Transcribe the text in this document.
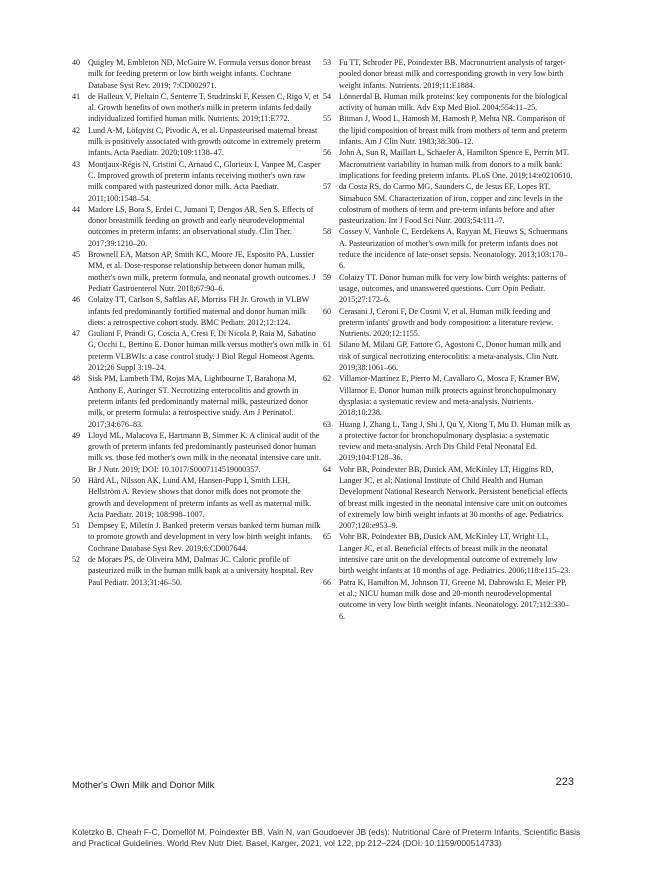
40 Quigley M, Embleton ND, McGuire W. Formula versus donor breast milk for feeding preterm or low birth weight infants. Cochrane Database Syst Rev. 2019; 7:CD002971.
41 de Halleux V, Pieltain C, Senterre T, Studzinski F, Kessen C, Rigo V, et al. Growth benefits of own mother's milk in preterm infants fed daily individualized fortified human milk. Nutrients. 2019;11:E772.
42 Lund A-M, Löfqvist C, Pivodic A, et al. Unpasteurised maternal breast milk is positively associated with growth outcome in extremely preterm infants. Acta Paediatr. 2020;109:1138–47.
43 Montjaux-Régis N, Cristini C, Arnaud C, Glorieux I, Vanpee M, Casper C. Improved growth of preterm infants receiving mother's own raw milk compared with pasteurized donor milk. Acta Paediatr. 2011;100:1548–54.
44 Madore LS, Bora S, Erdei C, Jumani T, Dengos AR, Sen S. Effects of donor breastmilk feeding on growth and early neurodevelopmental outcomes in preterm infants: an observational study. Clin Ther. 2017;39:1210–20.
45 Brownell EA, Matson AP, Smith KC, Moore JE, Esposito PA, Lussier MM, et al. Dose-response relationship between donor human milk, mother's own milk, preterm formula, and neonatal growth outcomes. J Pediatr Gastroenterol Nutr. 2018;67:90–6.
46 Colaizy TT, Carlson S, Saftlas AF, Morriss FH Jr. Growth in VLBW infants fed predominantly fortified maternal and donor human milk diets: a retrospective cohort study. BMC Pediatr. 2012;12:124.
47 Giuliani F, Prandi G, Coscia A, Cresi F, Di Nicola P, Raia M, Sabatino G, Occhi L, Bertino E. Donor human milk versus mother's own milk in preterm VLBWIs: a case control study. J Biol Regul Homeost Agents. 2012;26 Suppl 3:19–24.
48 Sisk PM, Lambeth TM, Rojas MA, Lightbourne T, Barahona M, Anthony E, Auringer ST. Necrotizing enterocolitis and growth in preterm infants fed predominantly maternal milk, pasteurized donor milk, or preterm formula: a retrospective study. Am J Perinatol. 2017;34:676–83.
49 Lloyd ML, Malacova E, Hartmann B, Simmer K. A clinical audit of the growth of preterm infants fed predominantly pasteurised donor human milk vs. those fed mother's own milk in the neonatal intensive care unit. Br J Nutr. 2019; DOI: 10.1017/S0007114519000357.
50 Hård AL, Nilsson AK, Lund AM, Hansen-Pupp I, Smith LEH, Hellström A. Review shows that donor milk does not promote the growth and development of preterm infants as well as maternal milk. Acta Paediatr. 2019; 108:998–1007.
51 Dempsey E, Miletin J. Banked preterm versus banked term human milk to promote growth and development in very low birth weight infants. Cochrane Database Syst Rev. 2019;6:CD007644.
52 de Moraes PS, de Oliveira MM, Dalmas JC. Caloric profile of pasteurized milk in the human milk bank at a university hospital. Rev Paul Pediatr. 2013;31:46–50.
53 Fu TT, Schroder PE, Poindexter BB. Macronutrient analysis of target-pooled donor breast milk and corresponding growth in very low birth weight infants. Nutrients. 2019;11:E1884.
54 Lönnerdal B. Human milk proteins: key components for the biological activity of human milk. Adv Exp Med Biol. 2004;554:11–25.
55 Bitman J, Wood L, Hamosh M, Hamosh P, Mehta NR. Comparison of the lipid composition of breast milk from mothers of term and preterm infants. Am J Clin Nutr. 1983;38:300–12.
56 John A, Sun R, Maillart L, Schaefer A, Hamilton Spence E, Perrin MT. Macronutrient variability in human milk from donors to a milk bank: implications for feeding preterm infants. PLoS One. 2019;14:e0210610.
57 da Costa RS, do Carmo MG, Saunders C, de Jesus EF, Lopes RT, Simabuco SM. Characterization of iron, copper and zinc levels in the colostrum of mothers of term and pre-term infants before and after pasteurization. Int J Food Sci Nutr. 2003;54:111–7.
58 Cossey V, Vanhole C, Eerdekens A, Rayyan M, Fieuws S, Schuermans A. Pasteurization of mother's own milk for preterm infants does not reduce the incidence of late-onset sepsis. Neonatology. 2013;103:170–6.
59 Colaizy TT. Donor human milk for very low birth weights: patterns of usage, outcomes, and unanswered questions. Curr Opin Pediatr. 2015;27:172–6.
60 Cerasani J, Ceroni F, De Cosmi V, et al. Human milk feeding and preterm infants' growth and body composition: a literature review. Nutrients. 2020;12:1155.
61 Silano M, Milani GP, Fattore G, Agostoni C. Donor human milk and risk of surgical necrotizing enterocolitis: a meta-analysis. Clin Nutr. 2019;38:1061–66.
62 Villamor-Martínez E, Pierro M, Cavallaro G, Mosca F, Kramer BW, Villamor E. Donor human milk protects against bronchopulmonary dysplasia: a systematic review and meta-analysis. Nutrients. 2018;10:238.
63 Huang J, Zhang L, Tang J, Shi J, Qu Y, Xiong T, Mu D. Human milk as a protective factor for bronchopulmonary dysplasia: a systematic review and meta-analysis. Arch Dis Child Fetal Neonatal Ed. 2019;104:F128–36.
64 Vohr BR, Poindexter BB, Dusick AM, McKinley LT, Higgins RD, Langer JC, et al; National Institute of Child Health and Human Development National Research Network. Persistent beneficial effects of breast milk ingested in the neonatal intensive care unit on outcomes of extremely low birth weight infants at 30 months of age. Pediatrics. 2007;120:e953–9.
65 Vohr BR, Poindexter BB, Dusick AM, McKinley LT, Wright LL, Langer JC, et al. Beneficial effects of breast milk in the neonatal intensive care unit on the developmental outcome of extremely low birth weight infants at 18 months of age. Pediatrics. 2006;118:e115–23.
66 Patra K, Hamilton M, Johnson TJ, Greene M, Dabrowski E, Meier PP, et al.; NICU human milk dose and 20-month neurodevelopmental outcome in very low birth weight infants. Neonatology. 2017;112:330–6.
Mother's Own Milk and Donor Milk	223
Koletzko B, Cheah F-C, Domellöf M, Poindexter BB, Vain N, van Goudoever JB (eds): Nutritional Care of Preterm Infants. Scientific Basis and Practical Guidelines. World Rev Nutr Diet. Basel, Karger, 2021, vol 122, pp 212–224 (DOI: 10.1159/000514733)
